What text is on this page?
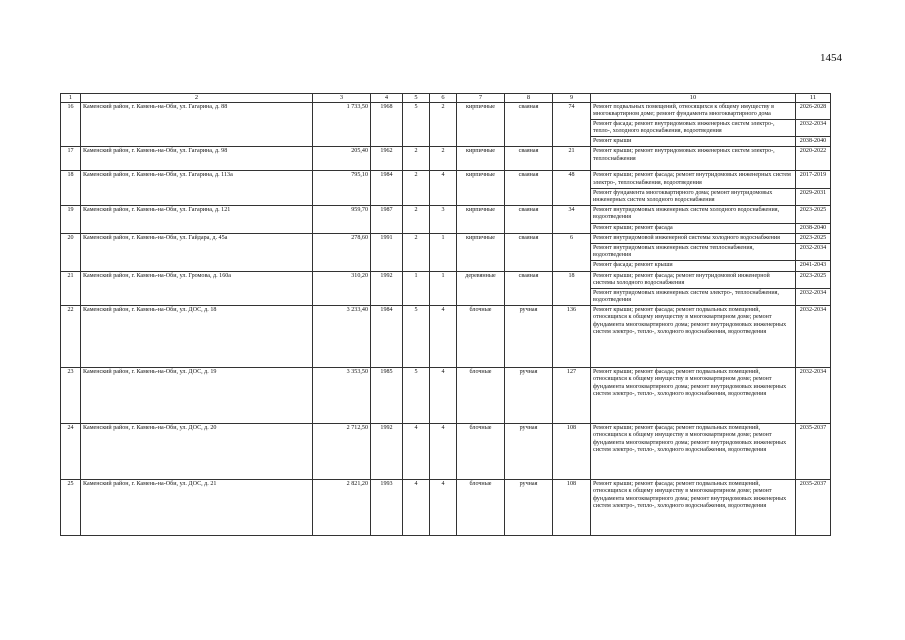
1454
1	2	3	4	5	6	7	8	9	10	11
16	Каменский район, г. Камень-на-Оби, ул. Гагарина, д. 88	1 733,50	1968	5	2	кирпичные	сваяная	74	Ремонт подвальных помещений, относящихся к общему имуществу в многоквартирном доме; ремонт фундамента многоквартирного дома	2026-2028
									Ремонт фасада; ремонт внутридомовых инженерных систем электро-, тепло-, холодного водоснабжения, водоотведения	2032-2034
									Ремонт крыши	2038-2040
17	Каменский район, г. Камень-на-Оби, ул. Гагарина, д. 98	205,40	1962	2	2	кирпичные	сваяная	21	Ремонт крыши; ремонт внутридомовых инженерных систем электро-, теплоснабжения	2020-2022
18	Каменский район, г. Камень-на-Оби, ул. Гагарина, д. 113а	795,10	1984	2	4	кирпичные	сваяная	48	Ремонт крыши; ремонт фасада; ремонт внутридомовых инженерных систем электро-, теплоснабжения, водоотведения	2017-2019
									Ремонт фундамента многоквартирного дома; ремонт внутридомовых инженерных систем холодного водоснабжения	2029-2031
19	Каменский район, г. Камень-на-Оби, ул. Гагарина, д. 121	959,70	1987	2	3	кирпичные	сваяная	34	Ремонт внутридомовых инженерных систем холодного водоснабжения, водоотведения	2023-2025
									Ремонт крыши; ремонт фасада	2038-2040
20	Каменский район, г. Камень-на-Оби, ул. Гайдара, д. 45а	278,60	1991	2	1	кирпичные	сваяная	6	Ремонт внутридомовой инженерной системы холодного водоснабжения	2023-2025
									Ремонт внутридомовых инженерных систем теплоснабжения, водоотведения	2032-2034
									Ремонт фасада; ремонт крыши	2041-2043
21	Каменский район, г. Камень-на-Оби, ул. Громова, д. 160а	310,20	1992	1	1	деревянные	сваяная	18	Ремонт крыши; ремонт фасада; ремонт внутридомовой инженерной системы холодного водоснабжения	2023-2025
									Ремонт внутридомовых инженерных систем электро-, теплоснабжения, водоотведения	2032-2034
22	Каменский район, г. Камень-на-Оби, ул. ДОС, д. 18	3 233,40	1984	5	4	блочные	ручная	136	Ремонт крыши; ремонт фасада; ремонт подвальных помещений, относящихся к общему имуществу в многоквартирном доме; ремонт фундамента многоквартирного дома; ремонт внутридомовых инженерных систем электро-, тепло-, холодного водоснабжения, водоотведения	2032-2034
23	Каменский район, г. Камень-на-Оби, ул. ДОС, д. 19	3 353,50	1985	5	4	блочные	ручная	127	Ремонт крыши; ремонт фасада; ремонт подвальных помещений, относящихся к общему имуществу в многоквартирном доме; ремонт фундамента многоквартирного дома; ремонт внутридомовых инженерных систем электро-, тепло-, холодного водоснабжения, водоотведения	2032-2034
24	Каменский район, г. Камень-на-Оби, ул. ДОС, д. 20	2 712,50	1992	4	4	блочные	ручная	108	Ремонт крыши; ремонт фасада; ремонт подвальных помещений, относящихся к общему имуществу в многоквартирном доме; ремонт фундамента многоквартирного дома; ремонт внутридомовых инженерных систем электро-, тепло-, холодного водоснабжения, водоотведения	2035-2037
25	Каменский район, г. Камень-на-Оби, ул. ДОС, д. 21	2 821,20	1993	4	4	блочные	ручная	108	Ремонт крыши; ремонт фасада; ремонт подвальных помещений, относящихся к общему имуществу в многоквартирном доме; ремонт фундамента многоквартирного дома; ремонт внутридомовых инженерных систем электро-, тепло-, холодного водоснабжения, водоотведения	2035-2037
